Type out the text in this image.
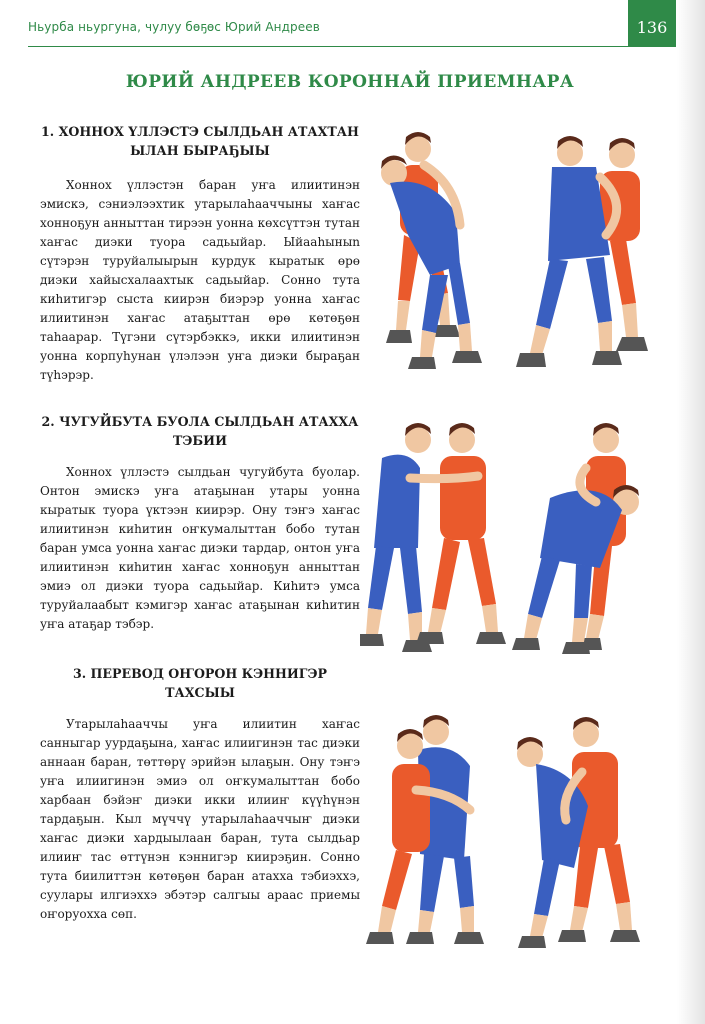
Ньурба ньургуна, чулуу бөҕөс Юрий Андреев	136
ЮРИЙ АНДРЕЕВ КОРОННАЙ ПРИЕМНАРА
1. ХОННОХ ҮЛЛЭСТЭ СЫЛДЬАН АТАХТАН ЫЛАН БЫРАҔЫЫ

Хоннох үллэстэн баран уҥа илиитинэн эмискэ, сэниэлээхтик утарылаһааччыны хаҥас хонноҕун анныттан тирээн уонна көхсүттэн тутан хаҥас диэки туора садьыйар. Ыйааһыныn сүтэрэн туруйалыырын курдук кыратык өрө диэки хайысхалаахтык садьыйар. Сонно тута киһитигэр сыста киирэн биэрэр уонна хаҥас илиитинэн хаҥас атаҕыттан өрө көтөҕөн таһаарар. Түгэни сүтэрбэккэ, икки илиитинэн уонна корпуһунан үлэлээн уҥа диэки быраҕан түһэрэр.

2. ЧУГУЙБУТА БУОЛА СЫЛДЬАН АТАХХА ТЭБИИ

Хоннох үллэстэ сылдьан чугуйбута буолар. Онтон эмискэ уҥа атаҕынан утары уонна кыратык туора үктээн киирэр. Ону тэҥэ хаҥас илиитинэн киһитин оҥкумалыттан бобо тутан баран умса уонна хаҥас диэки тардар, онтон уҥа илиитинэн киһитин хаҥас хонноҕун анныттан эмиэ ол диэки туора садьыйар. Киһитэ умса туруйалаабыт кэмигэр хаҥас атаҕынан киһитин уҥа атаҕар тэбэр.

3. ПЕРЕВОД ОҤОРОН КЭННИГЭР ТАХСЫЫ

Утарылаһааччы уҥа илиитин хаҥас санныгар уурдаҕына, хаҥас илиигинэн тас диэки аннаан баран, төттөрү эрийэн ылаҕын. Ону тэҥэ уҥа илиигинэн эмиэ ол оҥкумалыттан бобо харбаан бэйэҥ диэки икки илииҥ күүһүнэн тардаҕын. Кыл мүччү утарылаһааччыҥ диэки хаҥас диэки хардыылаан баран, тута сылдьар илииҥ тас өттүнэн кэннигэр киирэҕин. Сонно тута биилиттэн көтөҕөн баран атахха тэбиэххэ, суулары илгиэххэ эбэтэр салгыы араас приемы оҥоруохха сөп.
